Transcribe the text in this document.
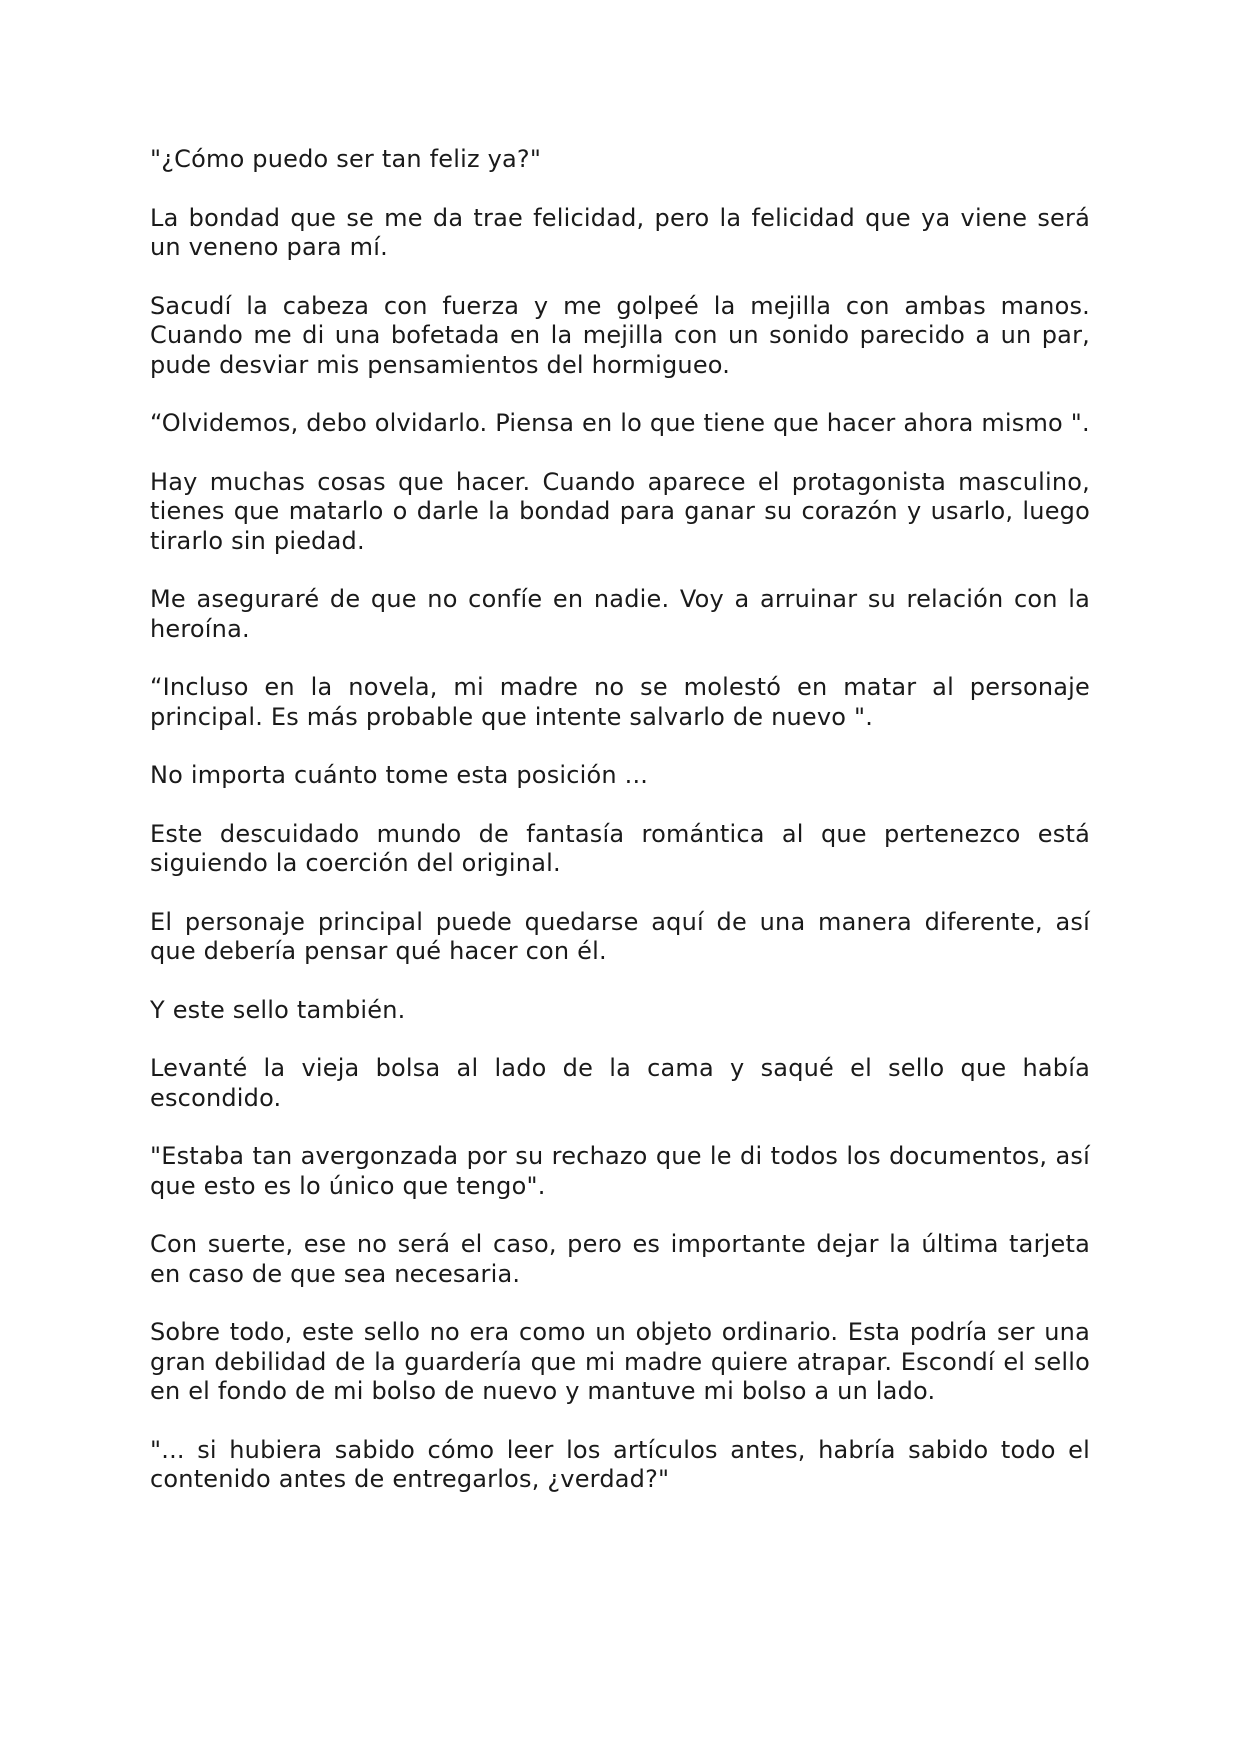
"¿Cómo puedo ser tan feliz ya?"

La bondad que se me da trae felicidad, pero la felicidad que ya viene será un veneno para mí.

Sacudí la cabeza con fuerza y me golpeé la mejilla con ambas manos. Cuando me di una bofetada en la mejilla con un sonido parecido a un par, pude desviar mis pensamientos del hormigueo.

“Olvidemos, debo olvidarlo. Piensa en lo que tiene que hacer ahora mismo ".

Hay muchas cosas que hacer. Cuando aparece el protagonista masculino, tienes que matarlo o darle la bondad para ganar su corazón y usarlo, luego tirarlo sin piedad.

Me aseguraré de que no confíe en nadie. Voy a arruinar su relación con la heroína.

“Incluso en la novela, mi madre no se molestó en matar al personaje principal. Es más probable que intente salvarlo de nuevo ".

No importa cuánto tome esta posición ...

Este descuidado mundo de fantasía romántica al que pertenezco está siguiendo la coerción del original.

El personaje principal puede quedarse aquí de una manera diferente, así que debería pensar qué hacer con él.

Y este sello también.

Levanté la vieja bolsa al lado de la cama y saqué el sello que había escondido.

"Estaba tan avergonzada por su rechazo que le di todos los documentos, así que esto es lo único que tengo".

Con suerte, ese no será el caso, pero es importante dejar la última tarjeta en caso de que sea necesaria.

Sobre todo, este sello no era como un objeto ordinario. Esta podría ser una gran debilidad de la guardería que mi madre quiere atrapar. Escondí el sello en el fondo de mi bolso de nuevo y mantuve mi bolso a un lado.

"... si hubiera sabido cómo leer los artículos antes, habría sabido todo el contenido antes de entregarlos, ¿verdad?"
